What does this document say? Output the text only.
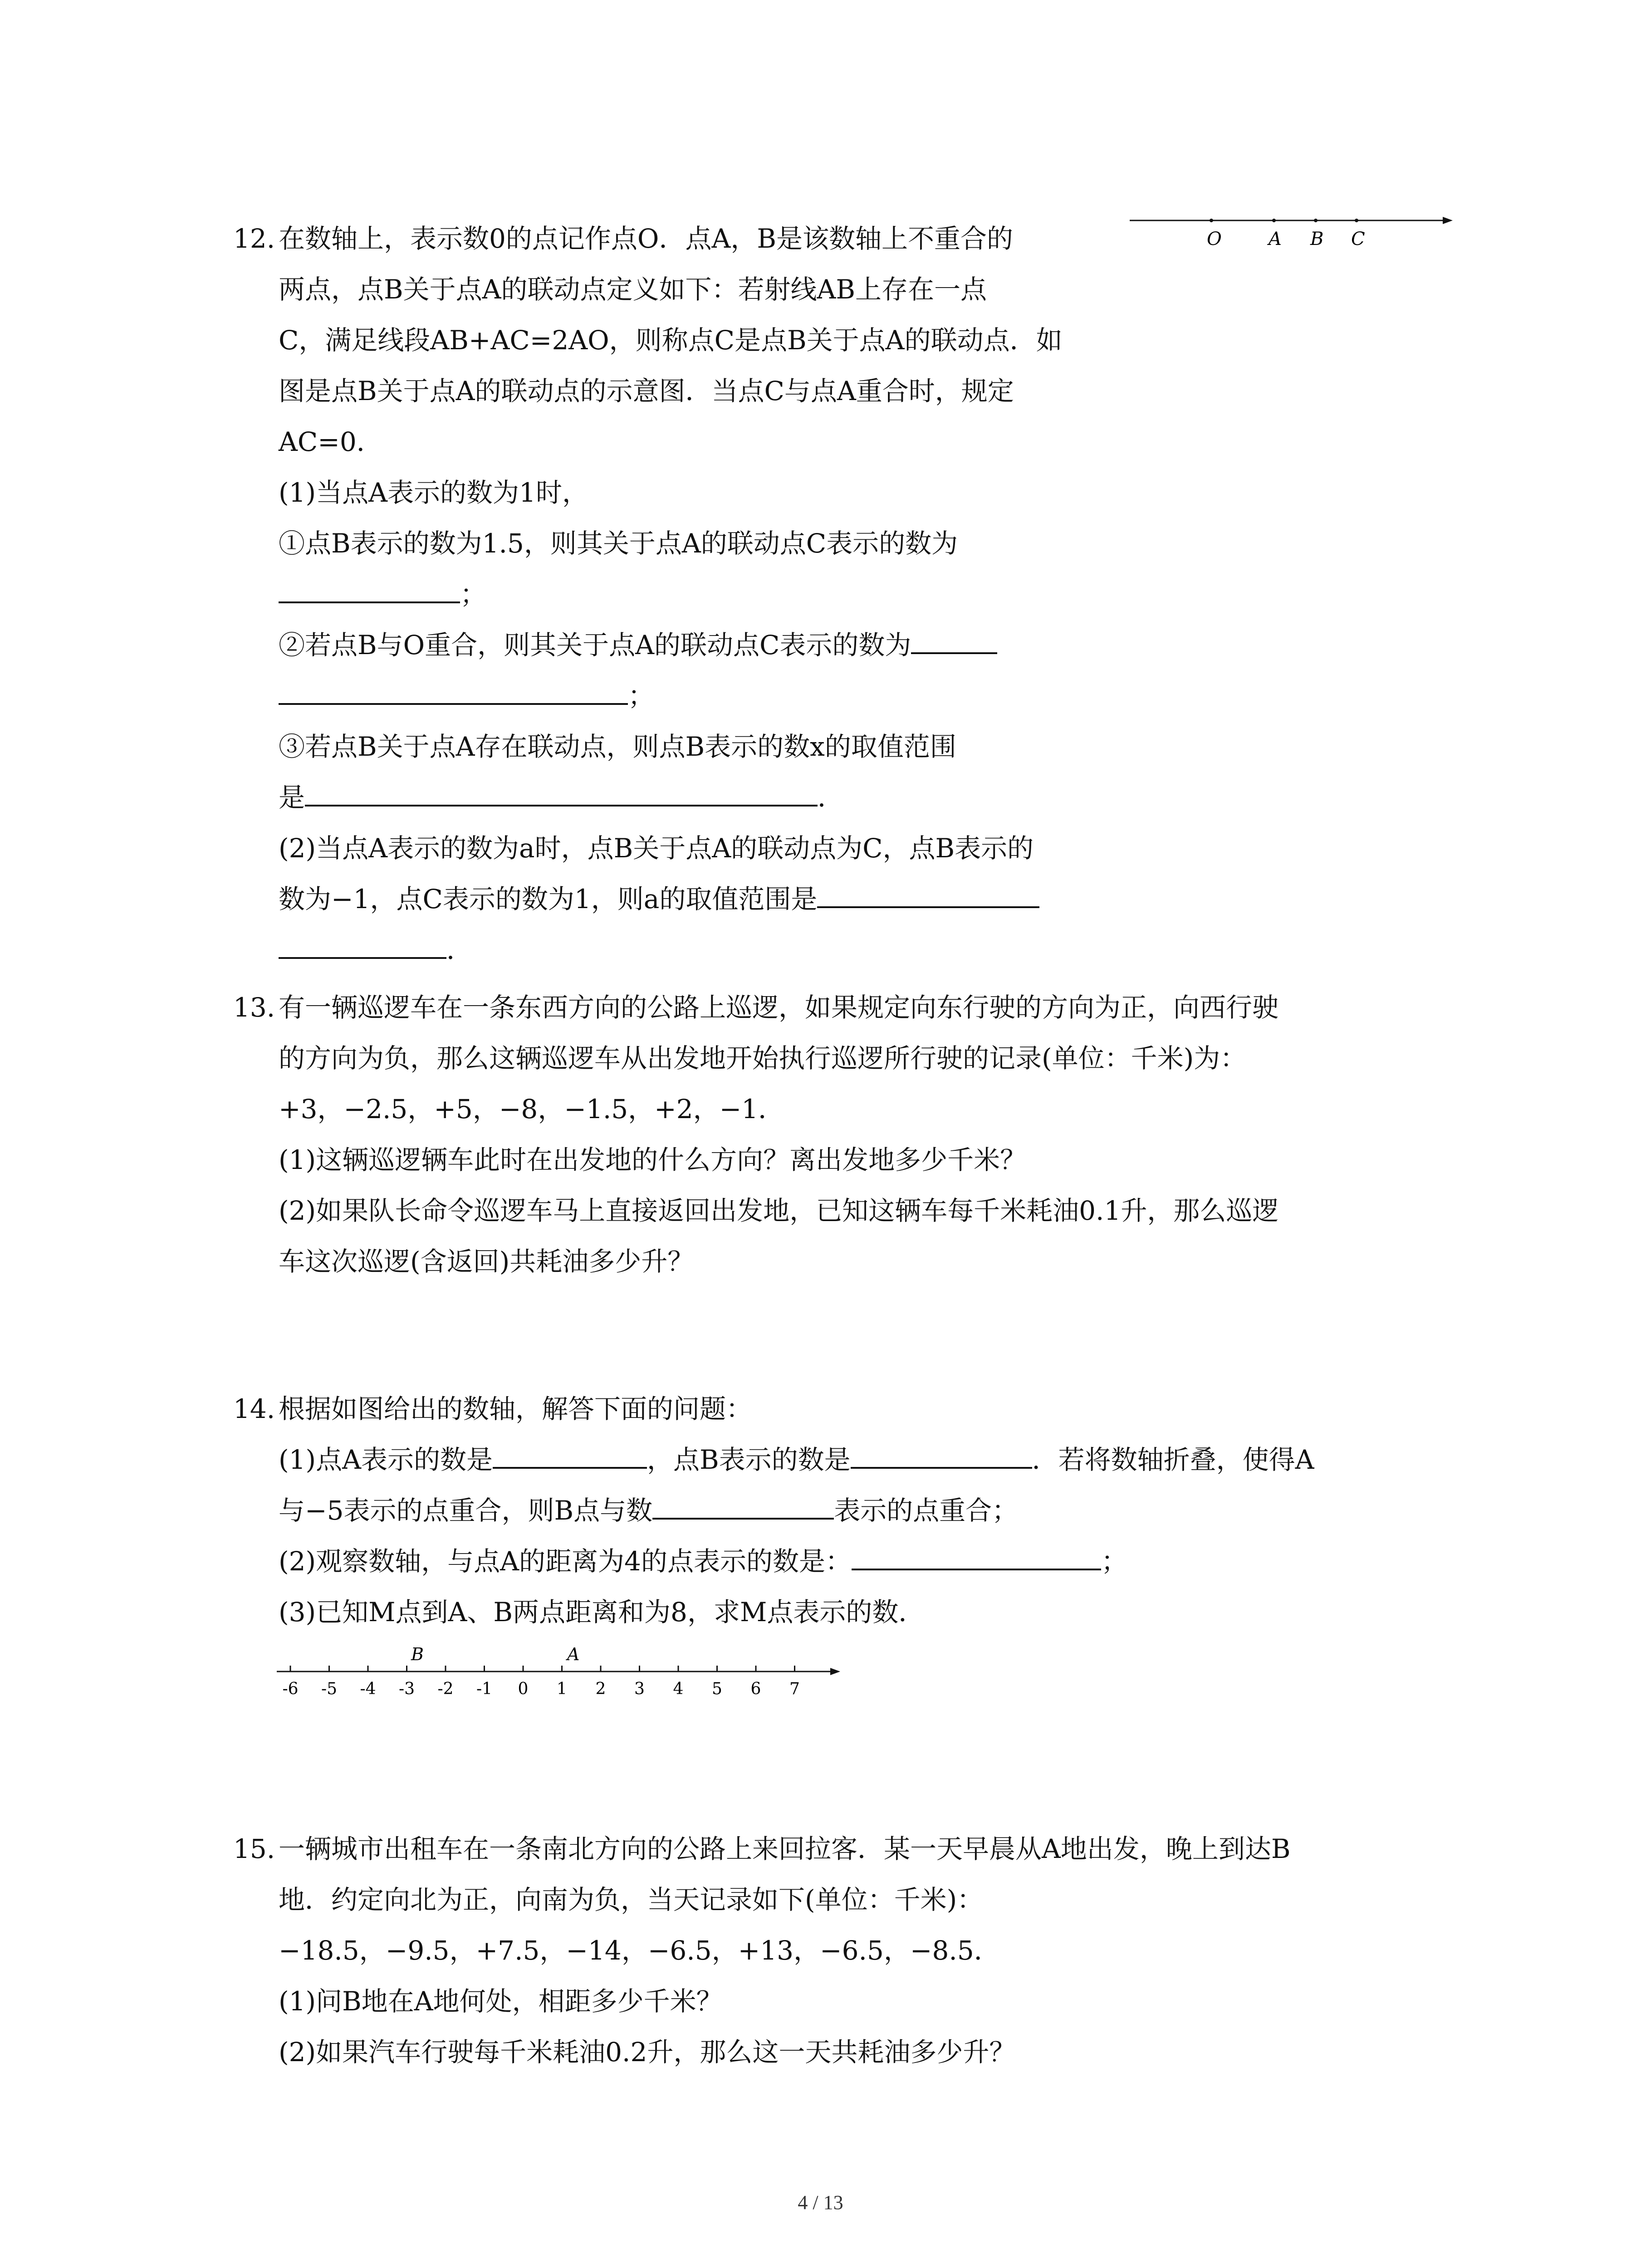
12. 在数轴上，表示数0的点记作点O．点A，B是该数轴上不重合的
两点，点B关于点A的联动点定义如下：若射线AB上存在一点
C，满足线段AB+AC=2AO，则称点C是点B关于点A的联动点．如
图是点B关于点A的联动点的示意图．当点C与点A重合时，规定
AC=0．
(1)当点A表示的数为1时，
①点B表示的数为1.5，则其关于点A的联动点C表示的数为
；
②若点B与O重合，则其关于点A的联动点C表示的数为
；
③若点B关于点A存在联动点，则点B表示的数x的取值范围
是	．
(2)当点A表示的数为a时，点B关于点A的联动点为C，点B表示的
数为−1，点C表示的数为1，则a的取值范围是
．
O	A B C
13. 有一辆巡逻车在一条东西方向的公路上巡逻，如果规定向东行驶的方向为正，向西行驶
的方向为负，那么这辆巡逻车从出发地开始执行巡逻所行驶的记录(单位：千米)为：
+3，−2.5，+5，−8，−1.5，+2，−1．
(1)这辆巡逻辆车此时在出发地的什么方向？离出发地多少千米？
(2)如果队长命令巡逻车马上直接返回出发地，已知这辆车每千米耗油0.1升，那么巡逻
车这次巡逻(含返回)共耗油多少升？
14. 根据如图给出的数轴，解答下面的问题：
(1)点A表示的数是	，点B表示的数是	．若将数轴折叠，使得A
与−5表示的点重合，则B点与数	表示的点重合；
(2)观察数轴，与点A的距离为4的点表示的数是：	；
(3)已知M点到A、B两点距离和为8，求M点表示的数．
-6 -5 -4 -3 -2 -1 0 1 2 3 4 5 6 7
B	A
15. 一辆城市出租车在一条南北方向的公路上来回拉客．某一天早晨从A地出发，晚上到达B
地．约定向北为正，向南为负，当天记录如下(单位：千米)：
−18.5，−9.5，+7.5，−14，−6.5，+13，−6.5，−8.5．
(1)问B地在A地何处，相距多少千米？
(2)如果汽车行驶每千米耗油0.2升，那么这一天共耗油多少升？
4 / 13
